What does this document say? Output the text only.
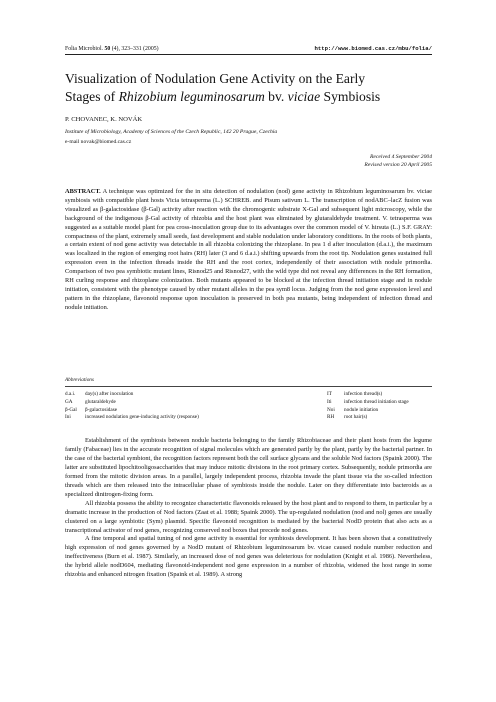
Folia Microbiol. 50 (4), 323–331 (2005)	http://www.biomed.cas.cz/mbu/folia/
Visualization of Nodulation Gene Activity on the Early
Stages of Rhizobium leguminosarum bv. viciae Symbiosis
P. CHOVANEC, K. NOVÁK
Institute of Microbiology, Academy of Sciences of the Czech Republic, 142 20 Prague, Czechia
e-mail novak@biomed.cas.cz
Received 4 September 2004
Revised version 20 April 2005

ABSTRACT. A technique was optimized for the in situ detection of nodulation (nod) gene activity in Rhizobium leguminosarum bv. viciae symbiosis with compatible plant hosts Vicia tetrasperma (L.) SCHREB. and Pisum sativum L. The transcription of nodABC–lacZ fusion was visualized as β-galactosidase (β-Gal) activity after reaction with the chromogenic substrate X-Gal and subsequent light microscopy, while the background of the indigenous β-Gal activity of rhizobia and the host plant was eliminated by glutaraldehyde treatment. V. tetrasperma was suggested as a suitable model plant for pea cross-inoculation group due to its advantages over the common model of V. hirsuta (L.) S.F. GRAY: compactness of the plant, extremely small seeds, fast development and stable nodulation under laboratory conditions. In the roots of both plants, a certain extent of nod gene activity was detectable in all rhizobia colonizing the rhizoplane. In pea 1 d after inoculation (d.a.i.), the maximum was localized in the region of emerging root hairs (RH) later (3 and 6 d.a.i.) shifting upwards from the root tip. Nodulation genes sustained full expression even in the infection threads inside the RH and the root cortex, independently of their association with nodule primordia. Comparison of two pea symbiotic mutant lines, Risnod25 and Risnod27, with the wild type did not reveal any differences in the RH formation, RH curling response and rhizoplane colonization. Both mutants appeared to be blocked at the infection thread initiation stage and in nodule initiation, consistent with the phenotype caused by other mutant alleles in the pea sym8 locus. Judging from the nod gene expression level and pattern in the rhizoplane, flavonoid response upon inoculation is preserved in both pea mutants, being independent of infection thread and nodule initiation.

Abbreviations
d.a.i.	day(s) after inoculation	IT	infection thread(s)
GA	glutaraldehyde	Iti	infection thread initiation stage
β-Gal	β-galactosidase	Noi	nodule initiation
Ini	increased nodulation gene-inducing activity (response)	RH	root hair(s)

Establishment of the symbiosis between nodule bacteria belonging to the family Rhizobiaceae and their plant hosts from the legume family (Fabaceae) lies in the accurate recognition of signal molecules which are generated partly by the plant, partly by the bacterial partner. In the case of the bacterial symbiont, the recognition factors represent both the cell surface glycans and the soluble Nod factors (Spaink 2000). The latter are substituted lipochitooligosaccharides that may induce mitotic divisions in the root primary cortex. Subsequently, nodule primordia are formed from the mitotic division areas. In a parallel, largely independent process, rhizobia invade the plant tissue via the so-called infection threads which are then released into the intracellular phase of symbiosis inside the nodule. Later on they differentiate into bacteroids as a specialized dinitrogen-fixing form.

All rhizobia possess the ability to recognize characteristic flavonoids released by the host plant and to respond to them, in particular by a dramatic increase in the production of Nod factors (Zaat et al. 1988; Spaink 2000). The up-regulated nodulation (nod and nol) genes are usually clustered on a large symbiotic (Sym) plasmid. Specific flavonoid recognition is mediated by the bacterial NodD protein that also acts as a transcriptional activator of nod genes, recognizing conserved nod boxes that precede nod genes.

A fine temporal and spatial tuning of nod gene activity is essential for symbiosis development. It has been shown that a constitutively high expression of nod genes governed by a NodD mutant of Rhizobium leguminosarum bv. vicae caused nodule number reduction and ineffectiveness (Burn et al. 1987). Similarly, an increased dose of nod genes was deleterious for nodulation (Knight et al. 1986). Nevertheless, the hybrid allele nodD604, mediating flavonoid-independent nod gene expression in a number of rhizobia, widened the host range in some rhizobia and enhanced nitrogen fixation (Spaink et al. 1989). A strong
